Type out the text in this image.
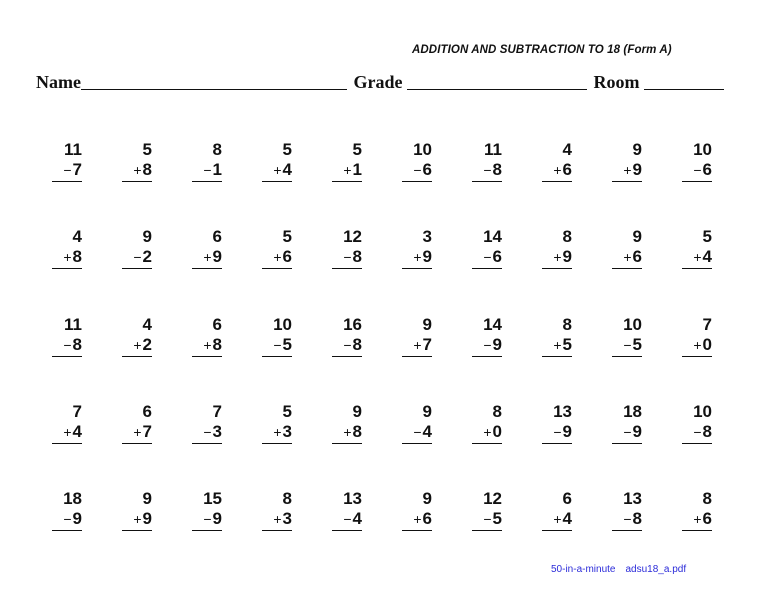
ADDITION AND SUBTRACTION TO 18 (Form A)
Name	Grade	Room
11
−7
5
+8
8
−1
5
+4
5
+1
10
−6
11
−8
4
+6
9
+9
10
−6
4
+8
9
−2
6
+9
5
+6
12
−8
3
+9
14
−6
8
+9
9
+6
5
+4
11
−8
4
+2
6
+8
10
−5
16
−8
9
+7
14
−9
8
+5
10
−5
7
+0
7
+4
6
+7
7
−3
5
+3
9
+8
9
−4
8
+0
13
−9
18
−9
10
−8
18
−9
9
+9
15
−9
8
+3
13
−4
9
+6
12
−5
6
+4
13
−8
8
+6
50-in-a-minute adsu18_a.pdf
